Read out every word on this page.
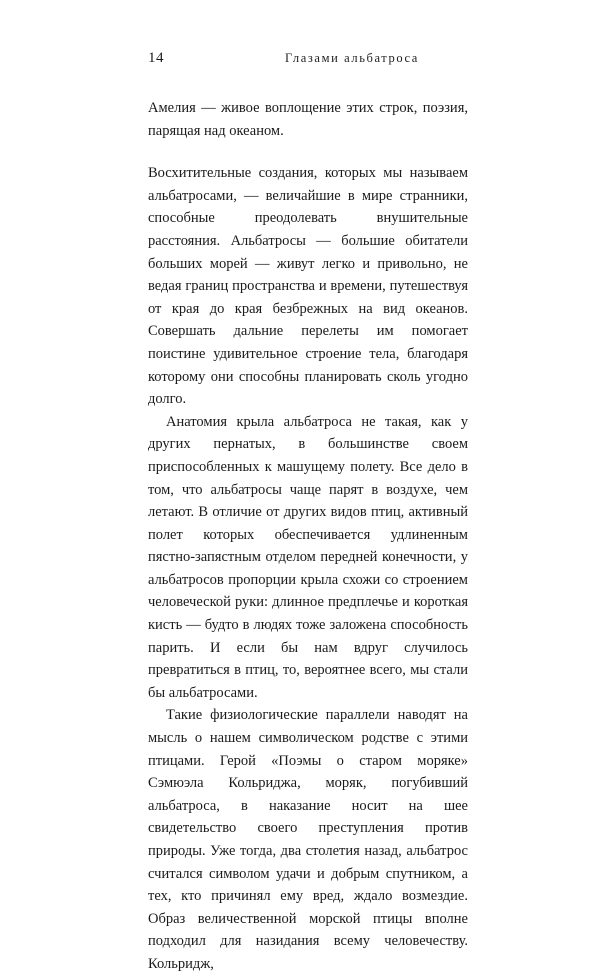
14	Глазами альбатроса

Амелия — живое воплощение этих строк, поэзия, парящая над океаном.

Восхитительные создания, которых мы называем альбатросами, — величайшие в мире странники, способные преодолевать внушительные расстояния. Альбатросы — большие обитатели больших морей — живут легко и привольно, не ведая границ пространства и времени, путешествуя от края до края безбрежных на вид океанов. Совершать дальние перелеты им помогает поистине удивительное строение тела, благодаря которому они способны планировать сколь угодно долго.

Анатомия крыла альбатроса не такая, как у других пернатых, в большинстве своем приспособленных к машущему полету. Все дело в том, что альбатросы чаще парят в воздухе, чем летают. В отличие от других видов птиц, активный полет которых обеспечивается удлиненным пястно-запястным отделом передней конечности, у альбатросов пропорции крыла схожи со строением человеческой руки: длинное предплечье и короткая кисть — будто в людях тоже заложена способность парить. И если бы нам вдруг случилось превратиться в птиц, то, вероятнее всего, мы стали бы альбатросами.

Такие физиологические параллели наводят на мысль о нашем символическом родстве с этими птицами. Герой «Поэмы о старом моряке» Сэмюэла Кольриджа, моряк, погубивший альбатроса, в наказание носит на шее свидетельство своего преступления против природы. Уже тогда, два столетия назад, альбатрос считался символом удачи и добрым спутником, а тех, кто причинял ему вред, ждало возмездие. Образ величественной морской птицы вполне подходил для назидания всему человечеству. Кольридж,
